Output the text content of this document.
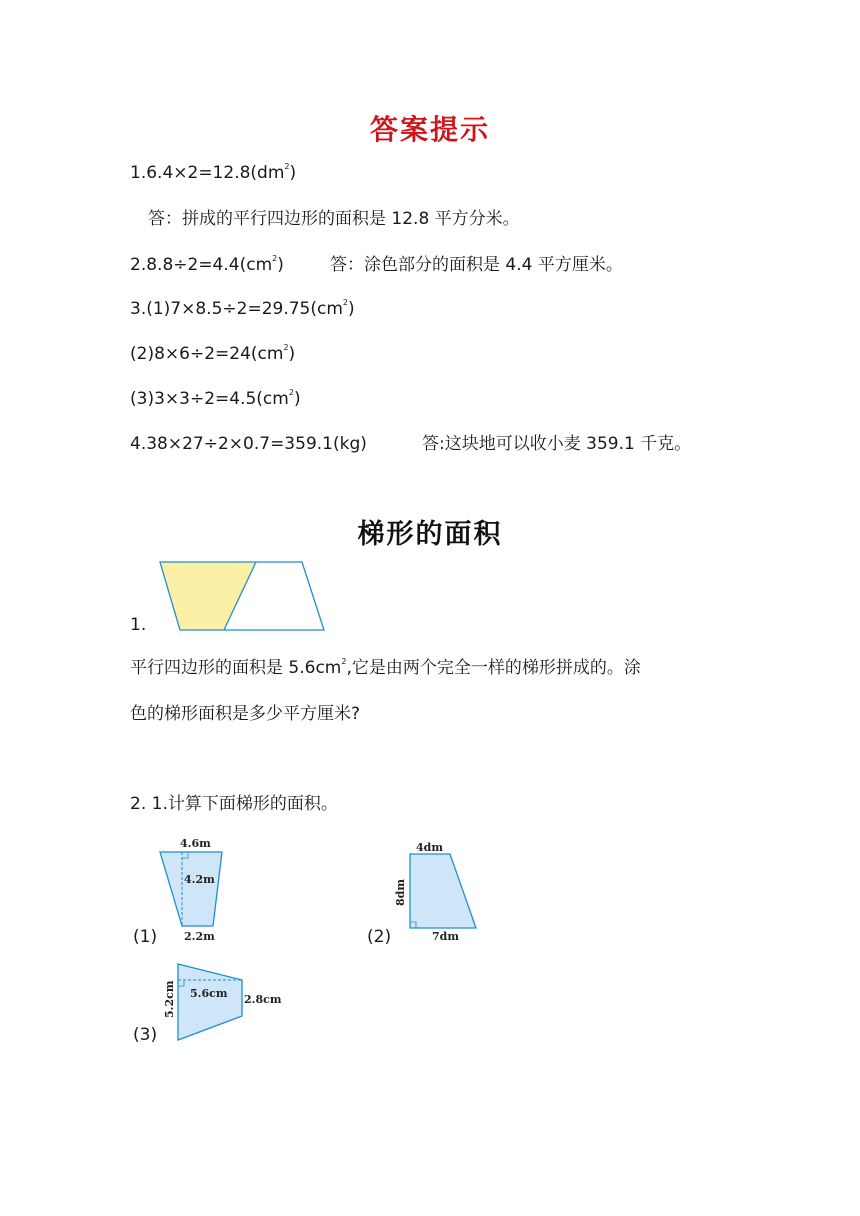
答案提示
$1.6.4\times 2=12.8(dm^2)$
答：拼成的平行四边形的面积是 12.8 平方分米。
$2.8.8\div 2=4.4(cm^2)$	答：涂色部分的面积是 4.4 平方厘米。
$3.(1)7\times 8.5\div 2=29.75(cm^2)$
$(2)8\times 6\div 2=24(cm^2)$
$(3)3\times 3\div 2=4.5(cm^2)$
4.38×27÷2×0.7=359.1(kg)	答:这块地可以收小麦 359.1 千克。
梯形的面积
1.
平行四边形的面积是 $5.6cm^2$,它是由两个完全一样的梯形拼成的。涂
色的梯形面积是多少平方厘米?
2. 1.计算下面梯形的面积。
4.6m
4.2m
2.2m
(1)
4dm
8dm
7dm
(2)
5.6cm
5.2cm	2.8cm
(3)
